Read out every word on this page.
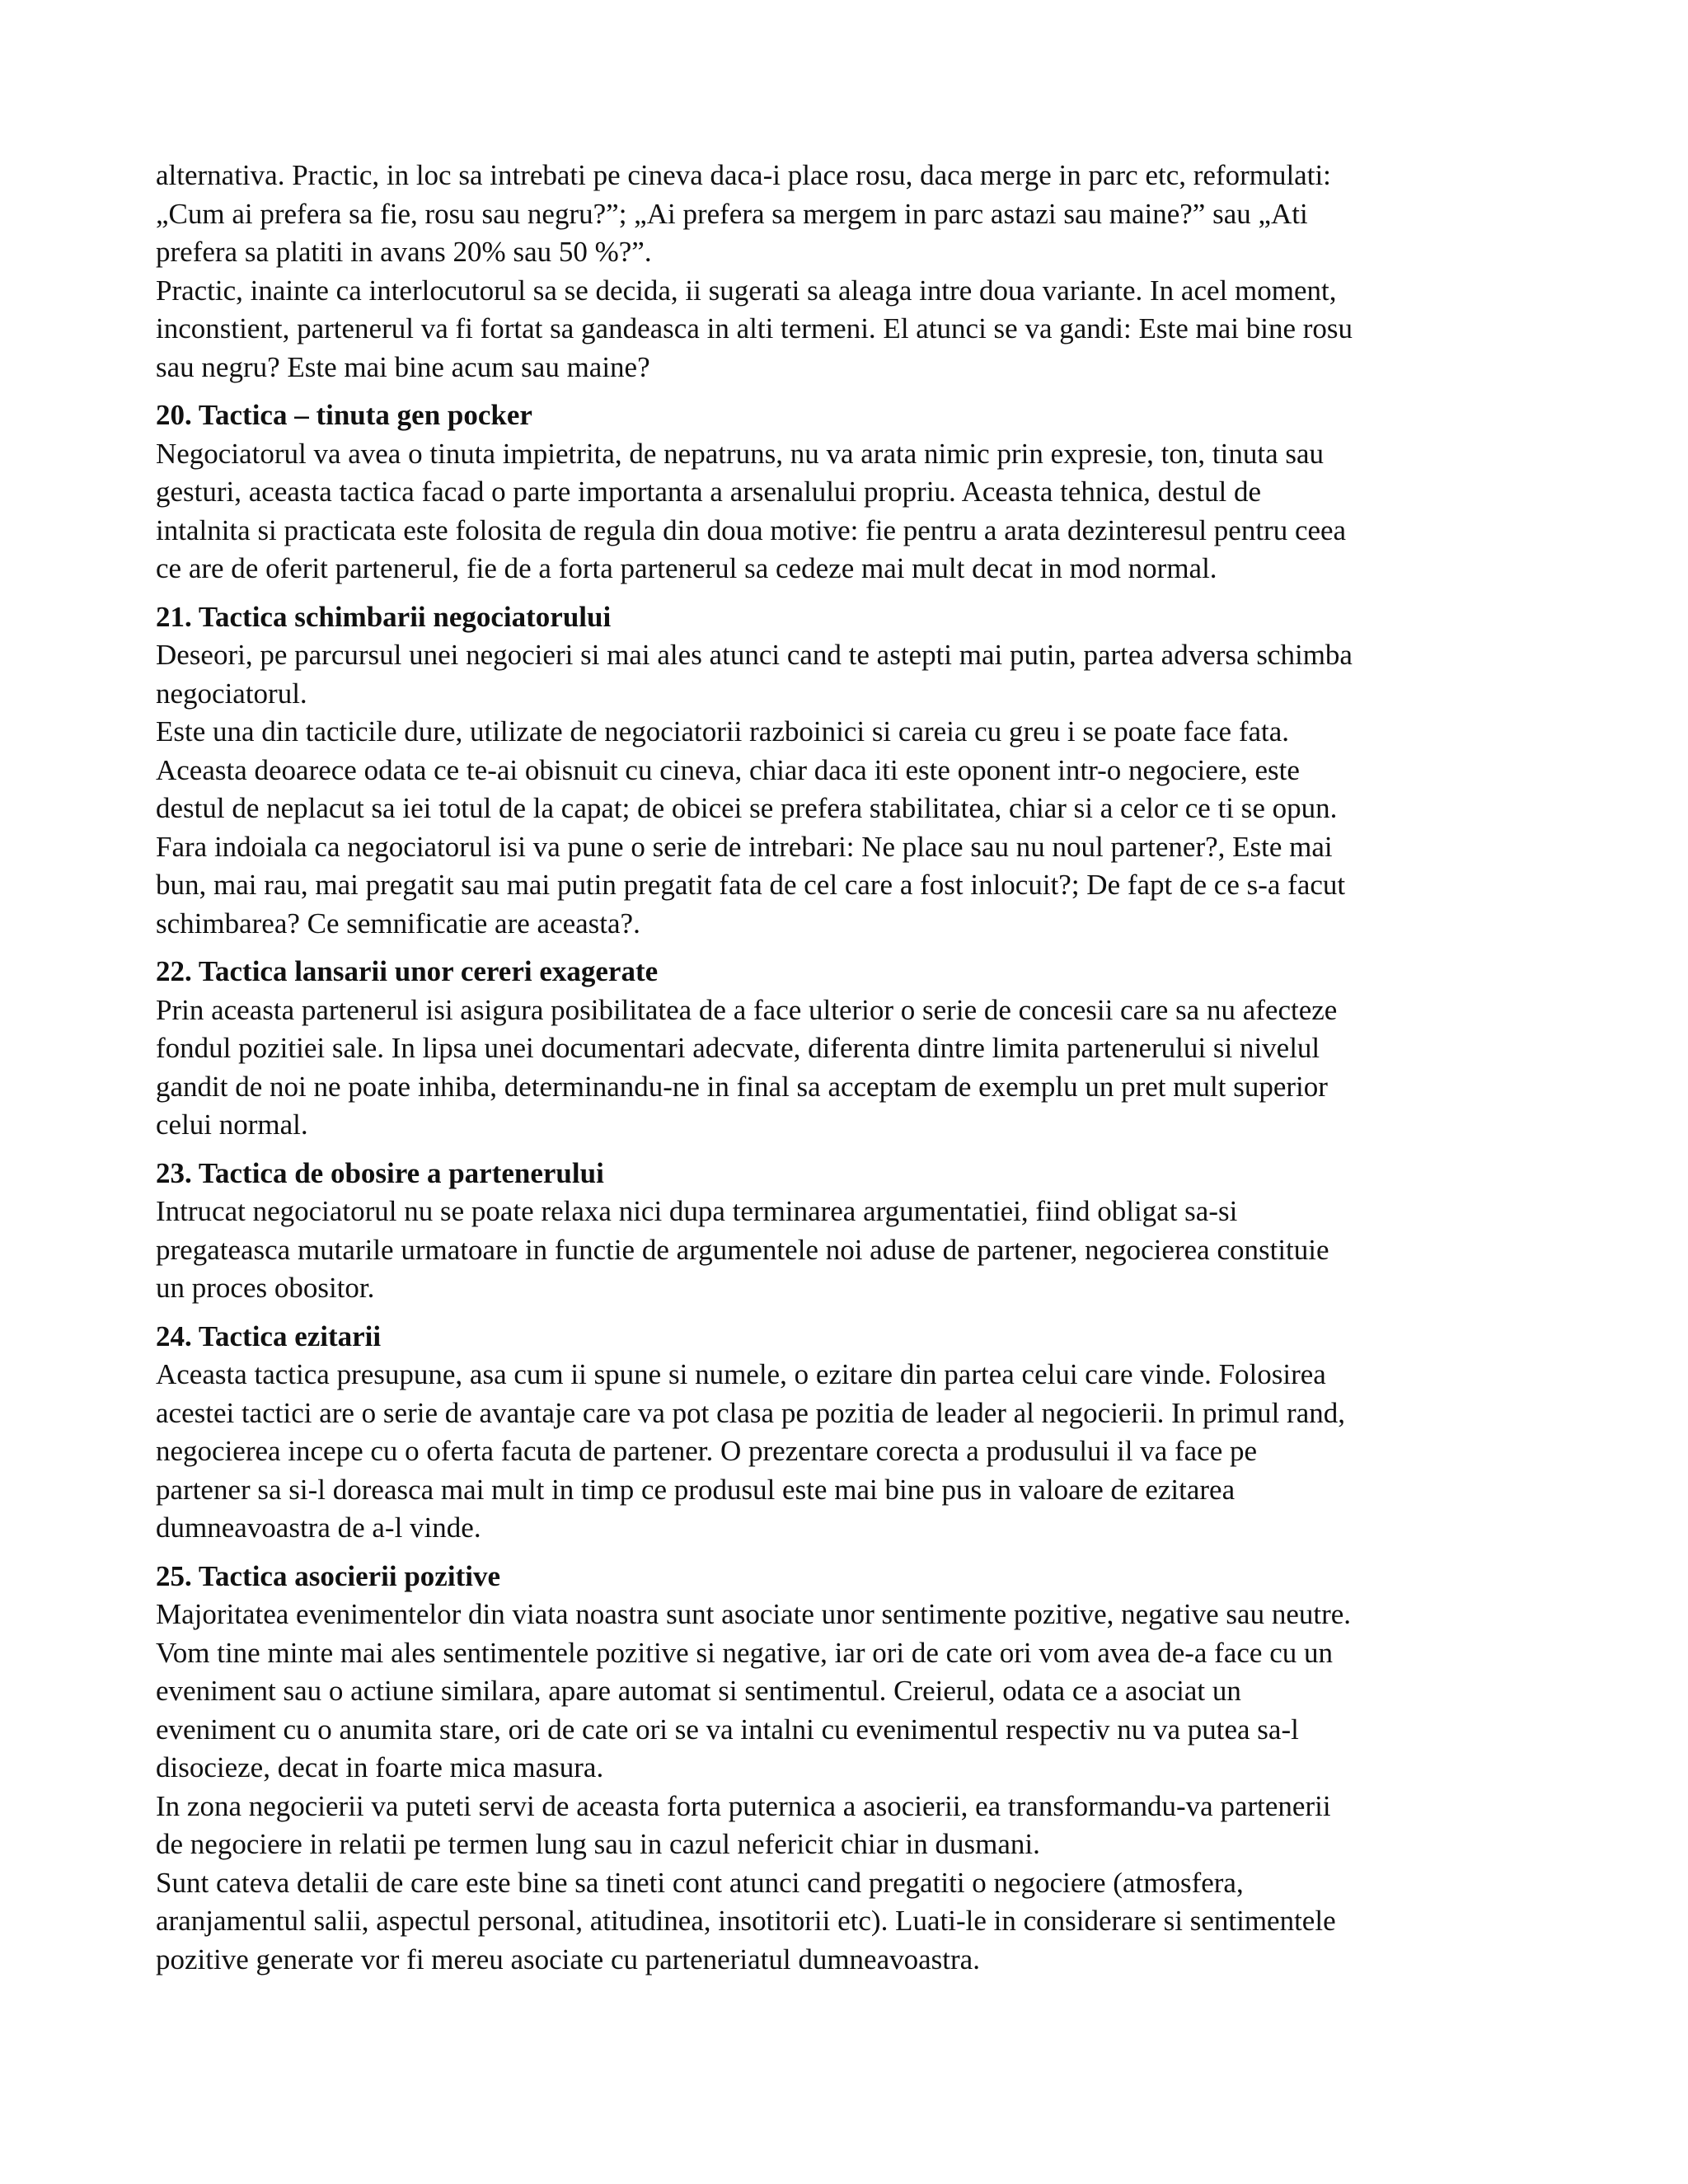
alternativa. Practic, in loc sa intrebati pe cineva daca-i place rosu, daca merge in parc etc, reformulati:
„Cum ai prefera sa fie, rosu sau negru?”; „Ai prefera sa mergem in parc astazi sau maine?” sau „Ati
prefera sa platiti in avans 20% sau 50 %?”.
Practic, inainte ca interlocutorul sa se decida, ii sugerati sa aleaga intre doua variante. In acel moment,
inconstient, partenerul va fi fortat sa gandeasca in alti termeni. El atunci se va gandi: Este mai bine rosu
sau negru? Este mai bine acum sau maine?
20. Tactica – tinuta gen pocker
Negociatorul va avea o tinuta impietrita, de nepatruns, nu va arata nimic prin expresie, ton, tinuta sau
gesturi, aceasta tactica facad o parte importanta a arsenalului propriu. Aceasta tehnica, destul de
intalnita si practicata este folosita de regula din doua motive: fie pentru a arata dezinteresul pentru ceea
ce are de oferit partenerul, fie de a forta partenerul sa cedeze mai mult decat in mod normal.
21. Tactica schimbarii negociatorului
Deseori, pe parcursul unei negocieri si mai ales atunci cand te astepti mai putin, partea adversa schimba
negociatorul.
Este una din tacticile dure, utilizate de negociatorii razboinici si careia cu greu i se poate face fata.
Aceasta deoarece odata ce te-ai obisnuit cu cineva, chiar daca iti este oponent intr-o negociere, este
destul de neplacut sa iei totul de la capat; de obicei se prefera stabilitatea, chiar si a celor ce ti se opun.
Fara indoiala ca negociatorul isi va pune o serie de intrebari: Ne place sau nu noul partener?, Este mai
bun, mai rau, mai pregatit sau mai putin pregatit fata de cel care a fost inlocuit?; De fapt de ce s-a facut
schimbarea? Ce semnificatie are aceasta?.
22. Tactica lansarii unor cereri exagerate
Prin aceasta partenerul isi asigura posibilitatea de a face ulterior o serie de concesii care sa nu afecteze
fondul pozitiei sale. In lipsa unei documentari adecvate, diferenta dintre limita partenerului si nivelul
gandit de noi ne poate inhiba, determinandu-ne in final sa acceptam de exemplu un pret mult superior
celui normal.
23. Tactica de obosire a partenerului
Intrucat negociatorul nu se poate relaxa nici dupa terminarea argumentatiei, fiind obligat sa-si
pregateasca mutarile urmatoare in functie de argumentele noi aduse de partener, negocierea constituie
un proces obositor.
24. Tactica ezitarii
Aceasta tactica presupune, asa cum ii spune si numele, o ezitare din partea celui care vinde. Folosirea
acestei tactici are o serie de avantaje care va pot clasa pe pozitia de leader al negocierii. In primul rand,
negocierea incepe cu o oferta facuta de partener. O prezentare corecta a produsului il va face pe
partener sa si-l doreasca mai mult in timp ce produsul este mai bine pus in valoare de ezitarea
dumneavoastra de a-l vinde.
25. Tactica asocierii pozitive
Majoritatea evenimentelor din viata noastra sunt asociate unor sentimente pozitive, negative sau neutre.
Vom tine minte mai ales sentimentele pozitive si negative, iar ori de cate ori vom avea de-a face cu un
eveniment sau o actiune similara, apare automat si sentimentul. Creierul, odata ce a asociat un
eveniment cu o anumita stare, ori de cate ori se va intalni cu evenimentul respectiv nu va putea sa-l
disocieze, decat in foarte mica masura.
In zona negocierii va puteti servi de aceasta forta puternica a asocierii, ea transformandu-va partenerii
de negociere in relatii pe termen lung sau in cazul nefericit chiar in dusmani.
Sunt cateva detalii de care este bine sa tineti cont atunci cand pregatiti o negociere (atmosfera,
aranjamentul salii, aspectul personal, atitudinea, insotitorii etc). Luati-le in considerare si sentimentele
pozitive generate vor fi mereu asociate cu parteneriatul dumneavoastra.
